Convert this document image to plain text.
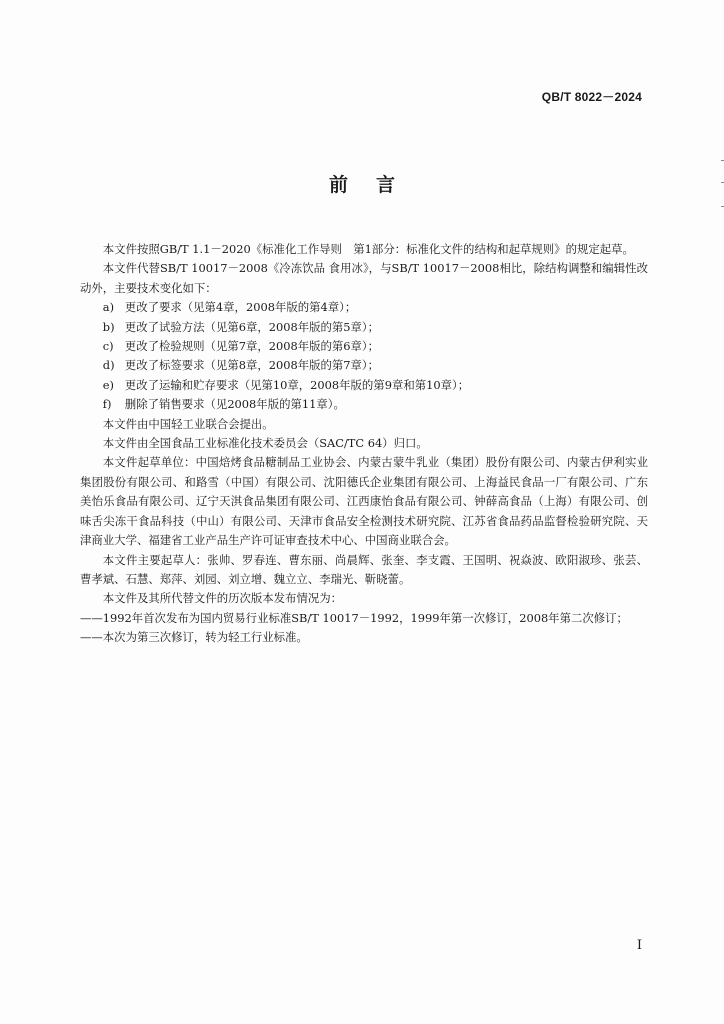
QB/T 8022－2024
前言

本文件按照GB/T 1.1－2020《标准化工作导则　第1部分：标准化文件的结构和起草规则》的规定起草。

本文件代替SB/T 10017－2008《冷冻饮品 食用冰》，与SB/T 10017－2008相比，除结构调整和编辑性改动外，主要技术变化如下：

a) 更改了要求（见第4章，2008年版的第4章）；

b) 更改了试验方法（见第6章，2008年版的第5章）；

c) 更改了检验规则（见第7章，2008年版的第6章）；

d) 更改了标签要求（见第8章，2008年版的第7章）；

e) 更改了运输和贮存要求（见第10章，2008年版的第9章和第10章）；

f) 删除了销售要求（见2008年版的第11章）。

本文件由中国轻工业联合会提出。

本文件由全国食品工业标准化技术委员会（SAC/TC 64）归口。

本文件起草单位：中国焙烤食品糖制品工业协会、内蒙古蒙牛乳业（集团）股份有限公司、内蒙古伊利实业集团股份有限公司、和路雪（中国）有限公司、沈阳德氏企业集团有限公司、上海益民食品一厂有限公司、广东美怡乐食品有限公司、辽宁天淇食品集团有限公司、江西康怡食品有限公司、钟薛高食品（上海）有限公司、创味舌尖冻干食品科技（中山）有限公司、天津市食品安全检测技术研究院、江苏省食品药品监督检验研究院、天津商业大学、福建省工业产品生产许可证审查技术中心、中国商业联合会。

本文件主要起草人：张帅、罗春连、曹东丽、尚晨辉、张奎、李支霞、王国明、祝焱波、欧阳淑珍、张芸、曹孝斌、石慧、郑萍、刘园、刘立增、魏立立、李瑞光、靳晓蕾。

本文件及其所代替文件的历次版本发布情况为：

——1992年首次发布为国内贸易行业标准SB/T 10017－1992，1999年第一次修订，2008年第二次修订；

——本次为第三次修订，转为轻工行业标准。

I
